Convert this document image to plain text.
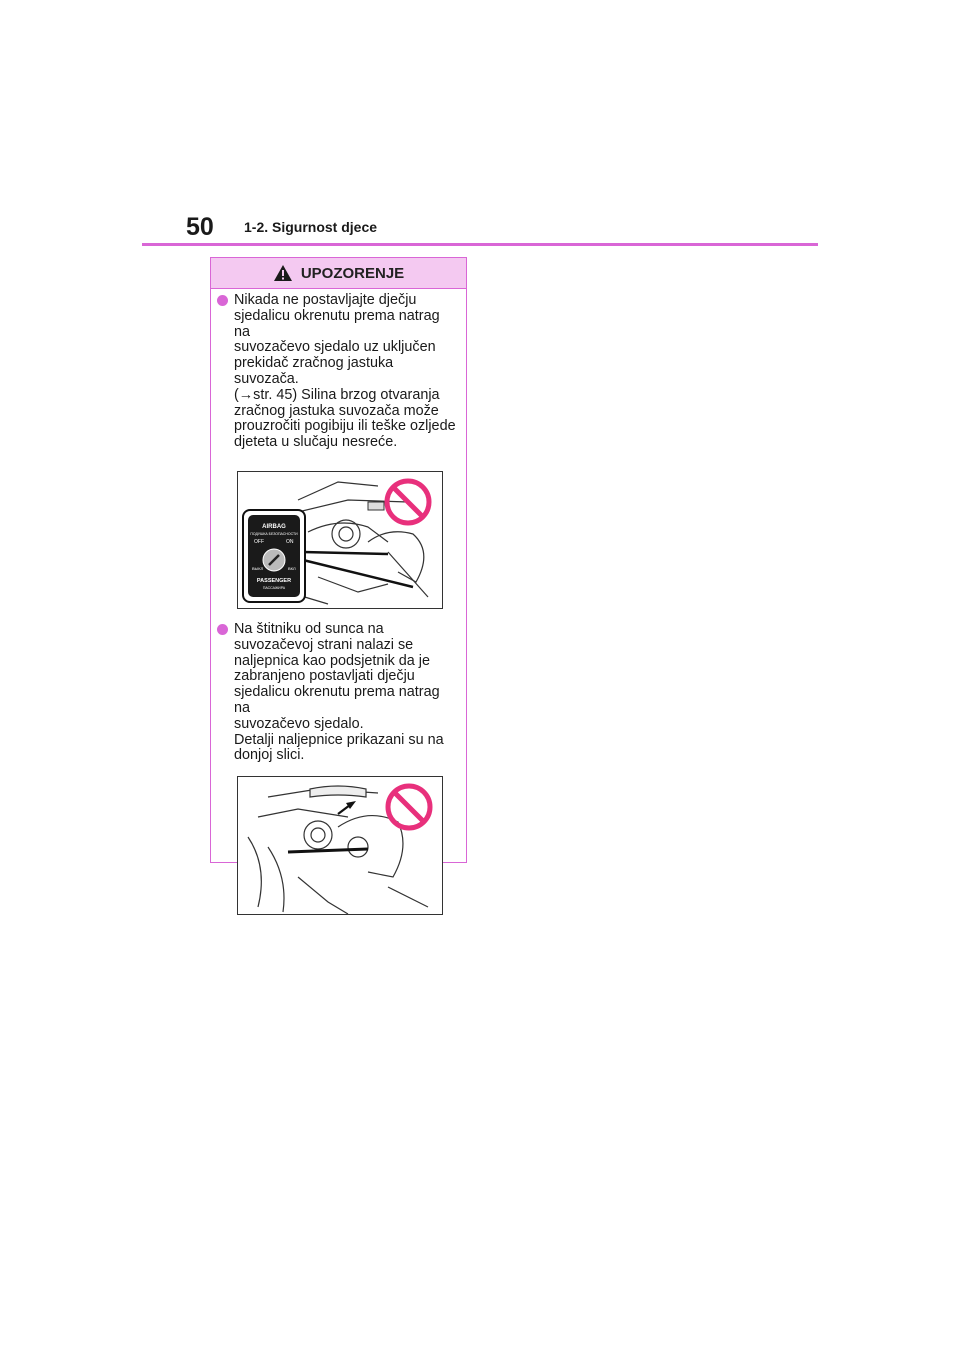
50 1-2. Sigurnost djece
UPOZORENJE
Nikada ne postavljajte dječju
sjedalicu okrenutu prema natrag na
suvozačevo sjedalo uz uključen
prekidač zračnog jastuka suvozača.
(→str. 45) Silina brzog otvaranja
zračnog jastuka suvozača može
prouzročiti pogibiju ili teške ozljede
djeteta u slučaju nesreće.
AIRBAG
ПОДУШКА БЕЗОПАСНОСТИ
OFF	ON
ВЫКЛ	ВКЛ
PASSENGER
ПАССАЖИРА
Na štitniku od sunca na
suvozačevoj strani nalazi se
naljepnica kao podsjetnik da je
zabranjeno postavljati dječju
sjedalicu okrenutu prema natrag na
suvozačevo sjedalo.
Detalji naljepnice prikazani su na
donjoj slici.
